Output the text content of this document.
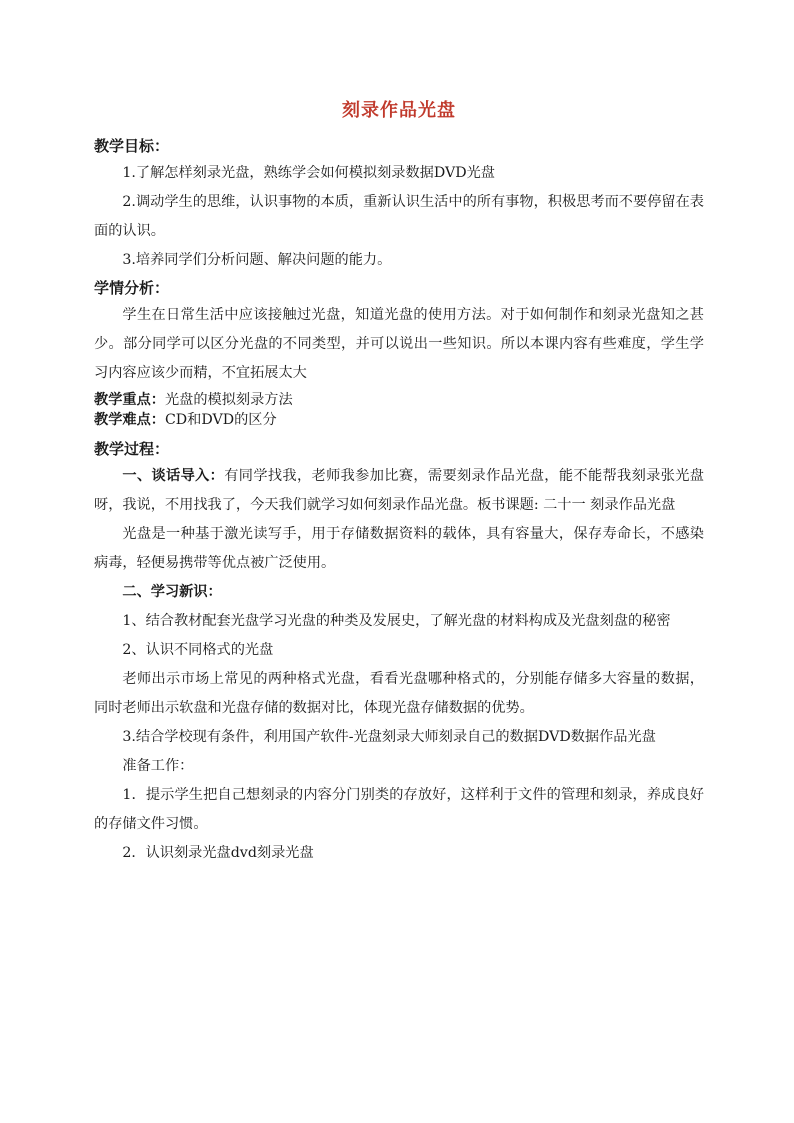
刻录作品光盘
教学目标：

1.了解怎样刻录光盘，熟练学会如何模拟刻录数据DVD光盘

2.调动学生的思维，认识事物的本质，重新认识生活中的所有事物，积极思考而不要停留在表面的认识。

3.培养同学们分析问题、解决问题的能力。

学情分析：

学生在日常生活中应该接触过光盘，知道光盘的使用方法。对于如何制作和刻录光盘知之甚少。部分同学可以区分光盘的不同类型，并可以说出一些知识。所以本课内容有些难度，学生学习内容应该少而精，不宜拓展太大

教学重点：光盘的模拟刻录方法

教学难点：CD和DVD的区分

教学过程：

一、谈话导入：有同学找我，老师我参加比赛，需要刻录作品光盘，能不能帮我刻录张光盘呀，我说，不用找我了，今天我们就学习如何刻录作品光盘。板书课题: 二十一 刻录作品光盘

光盘是一种基于激光读写手，用于存储数据资料的载体，具有容量大，保存寿命长，不感染病毒，轻便易携带等优点被广泛使用。

二、学习新识：

1、结合教材配套光盘学习光盘的种类及发展史，了解光盘的材料构成及光盘刻盘的秘密

2、认识不同格式的光盘

老师出示市场上常见的两种格式光盘，看看光盘哪种格式的，分别能存储多大容量的数据，同时老师出示软盘和光盘存储的数据对比，体现光盘存储数据的优势。

3.结合学校现有条件，利用国产软件-光盘刻录大师刻录自己的数据DVD数据作品光盘

准备工作：

1．提示学生把自己想刻录的内容分门别类的存放好，这样利于文件的管理和刻录，养成良好的存储文件习惯。

2．认识刻录光盘dvd刻录光盘
